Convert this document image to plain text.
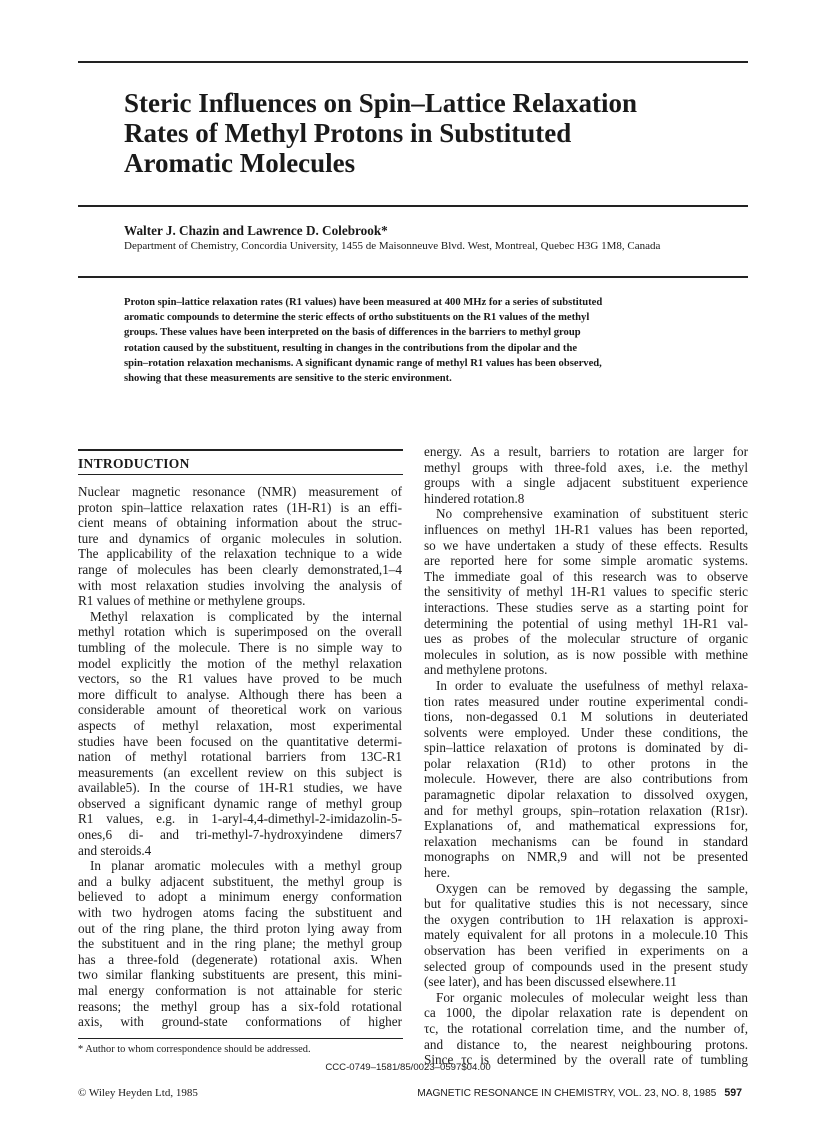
Steric Influences on Spin–Lattice Relaxation
Rates of Methyl Protons in Substituted
Aromatic Molecules
Walter J. Chazin and Lawrence D. Colebrook*
Department of Chemistry, Concordia University, 1455 de Maisonneuve Blvd. West, Montreal, Quebec H3G 1M8, Canada
Proton spin–lattice relaxation rates (R1 values) have been measured at 400 MHz for a series of substituted
aromatic compounds to determine the steric effects of ortho substituents on the R1 values of the methyl
groups. These values have been interpreted on the basis of differences in the barriers to methyl group
rotation caused by the substituent, resulting in changes in the contributions from the dipolar and the
spin–rotation relaxation mechanisms. A significant dynamic range of methyl R1 values has been observed,
showing that these measurements are sensitive to the steric environment.
INTRODUCTION
Nuclear magnetic resonance (NMR) measurement of
proton spin–lattice relaxation rates (1H-R1) is an effi-
cient means of obtaining information about the struc-
ture and dynamics of organic molecules in solution.
The applicability of the relaxation technique to a wide
range of molecules has been clearly demonstrated,1–4
with most relaxation studies involving the analysis of
R1 values of methine or methylene groups.
Methyl relaxation is complicated by the internal
methyl rotation which is superimposed on the overall
tumbling of the molecule. There is no simple way to
model explicitly the motion of the methyl relaxation
vectors, so the R1 values have proved to be much
more difficult to analyse. Although there has been a
considerable amount of theoretical work on various
aspects of methyl relaxation, most experimental
studies have been focused on the quantitative determi-
nation of methyl rotational barriers from 13C-R1
measurements (an excellent review on this subject is
available5). In the course of 1H-R1 studies, we have
observed a significant dynamic range of methyl group
R1 values, e.g. in 1-aryl-4,4-dimethyl-2-imidazolin-5-
ones,6 di- and tri-methyl-7-hydroxyindene dimers7
and steroids.4
In planar aromatic molecules with a methyl group
and a bulky adjacent substituent, the methyl group is
believed to adopt a minimum energy conformation
with two hydrogen atoms facing the substituent and
out of the ring plane, the third proton lying away from
the substituent and in the ring plane; the methyl group
has a three-fold (degenerate) rotational axis. When
two similar flanking substituents are present, this mini-
mal energy conformation is not attainable for steric
reasons; the methyl group has a six-fold rotational
axis, with ground-state conformations of higher
* Author to whom correspondence should be addressed.
energy. As a result, barriers to rotation are larger for
methyl groups with three-fold axes, i.e. the methyl
groups with a single adjacent substituent experience
hindered rotation.8
No comprehensive examination of substituent steric
influences on methyl 1H-R1 values has been reported,
so we have undertaken a study of these effects. Results
are reported here for some simple aromatic systems.
The immediate goal of this research was to observe
the sensitivity of methyl 1H-R1 values to specific steric
interactions. These studies serve as a starting point for
determining the potential of using methyl 1H-R1 val-
ues as probes of the molecular structure of organic
molecules in solution, as is now possible with methine
and methylene protons.
In order to evaluate the usefulness of methyl relaxa-
tion rates measured under routine experimental condi-
tions, non-degassed 0.1 M solutions in deuteriated
solvents were employed. Under these conditions, the
spin–lattice relaxation of protons is dominated by di-
polar relaxation (R1d) to other protons in the
molecule. However, there are also contributions from
paramagnetic dipolar relaxation to dissolved oxygen,
and for methyl groups, spin–rotation relaxation (R1sr).
Explanations of, and mathematical expressions for,
relaxation mechanisms can be found in standard
monographs on NMR,9 and will not be presented
here.
Oxygen can be removed by degassing the sample,
but for qualitative studies this is not necessary, since
the oxygen contribution to 1H relaxation is approxi-
mately equivalent for all protons in a molecule.10 This
observation has been verified in experiments on a
selected group of compounds used in the present study
(see later), and has been discussed elsewhere.11
For organic molecules of molecular weight less than
ca 1000, the dipolar relaxation rate is dependent on
τc, the rotational correlation time, and the number of,
and distance to, the nearest neighbouring protons.
Since τc is determined by the overall rate of tumbling
CCC-0749–1581/85/0023–0597$04.00
© Wiley Heyden Ltd, 1985	MAGNETIC RESONANCE IN CHEMISTRY, VOL. 23, NO. 8, 1985 597
